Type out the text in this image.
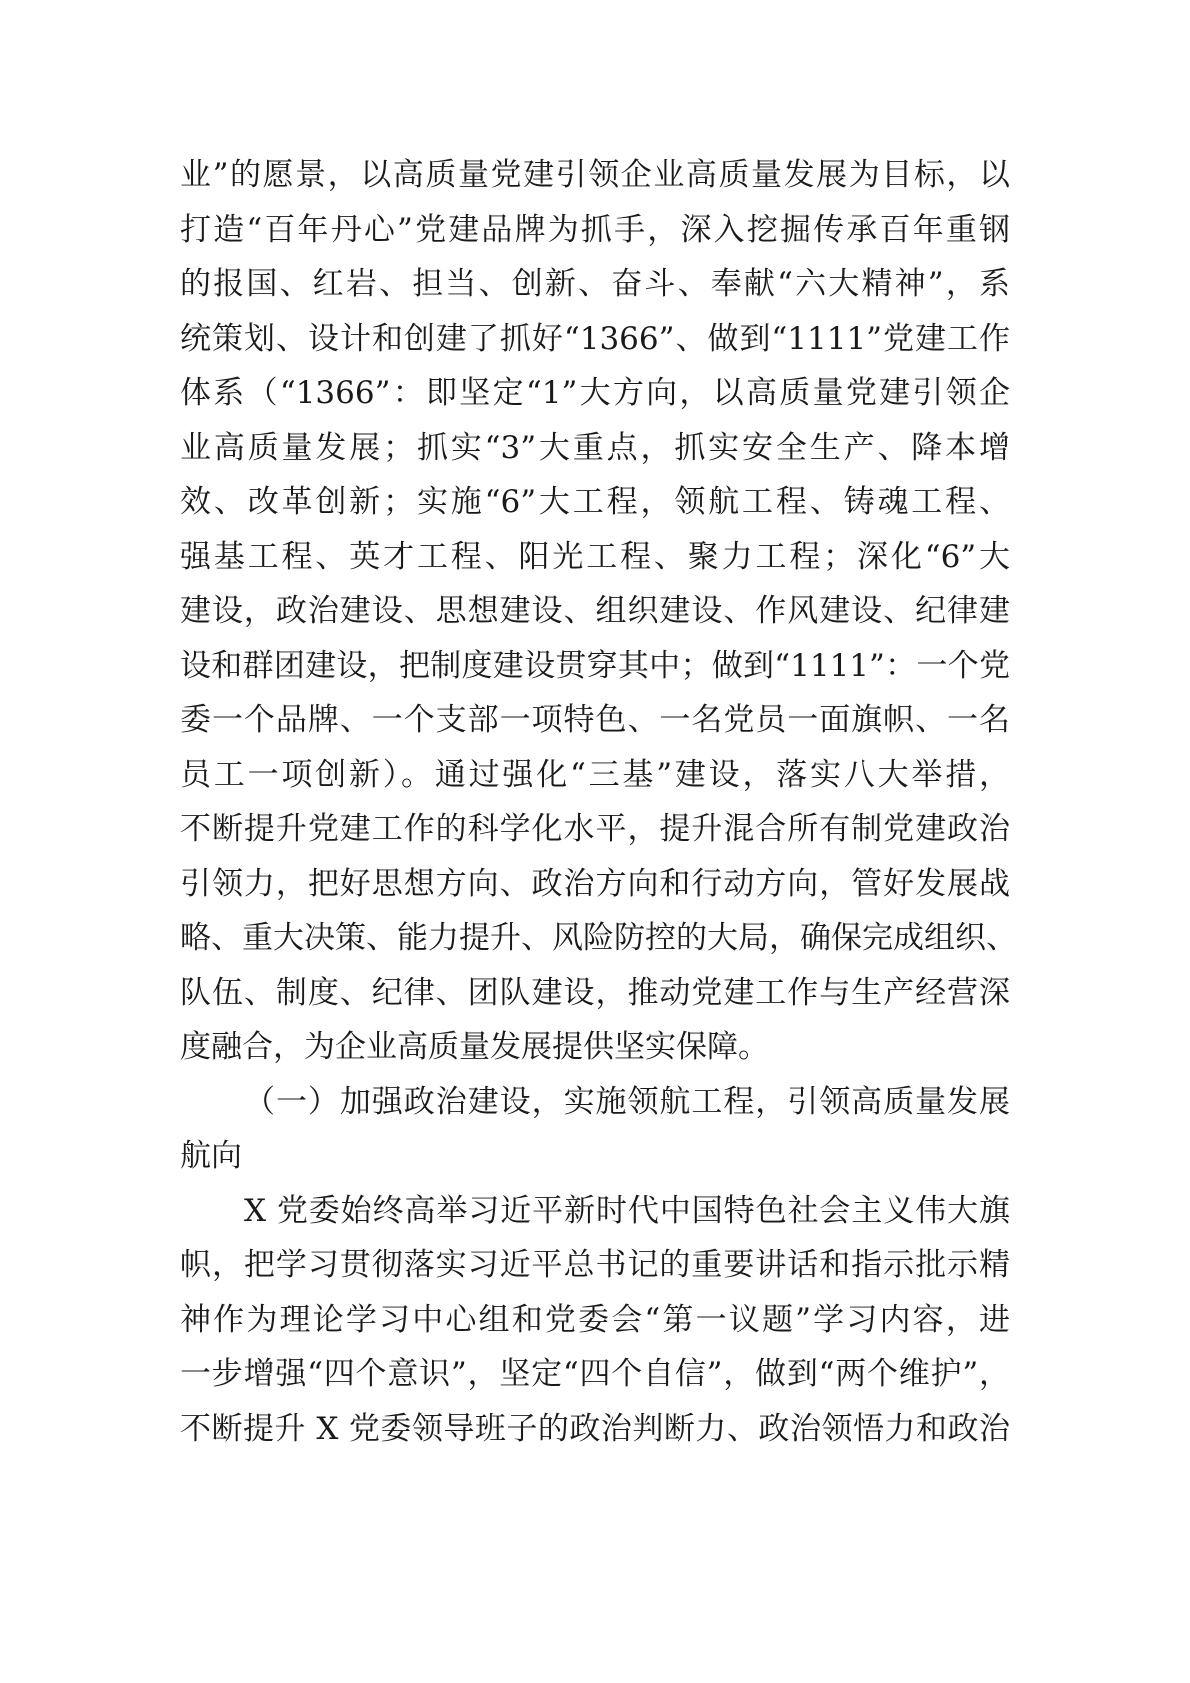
业”的愿景，以高质量党建引领企业高质量发展为目标，以
打造“百年丹心”党建品牌为抓手，深入挖掘传承百年重钢
的报国、红岩、担当、创新、奋斗、奉献“六大精神”，系
统策划、设计和创建了抓好“1366”、做到“1111”党建工作
体系（“1366”：即坚定“1”大方向，以高质量党建引领企
业高质量发展；抓实“3”大重点，抓实安全生产、降本增
效、改革创新；实施“6”大工程，领航工程、铸魂工程、
强基工程、英才工程、阳光工程、聚力工程；深化“6”大
建设，政治建设、思想建设、组织建设、作风建设、纪律建
设和群团建设，把制度建设贯穿其中；做到“1111”：一个党
委一个品牌、一个支部一项特色、一名党员一面旗帜、一名
员工一项创新）。通过强化“三基”建设，落实八大举措，
不断提升党建工作的科学化水平，提升混合所有制党建政治
引领力，把好思想方向、政治方向和行动方向，管好发展战
略、重大决策、能力提升、风险防控的大局，确保完成组织、
队伍、制度、纪律、团队建设，推动党建工作与生产经营深
度融合，为企业高质量发展提供坚实保障。
（一）加强政治建设，实施领航工程，引领高质量发展
航向
X 党委始终高举习近平新时代中国特色社会主义伟大旗
帜，把学习贯彻落实习近平总书记的重要讲话和指示批示精
神作为理论学习中心组和党委会“第一议题”学习内容，进
一步增强“四个意识”，坚定“四个自信”，做到“两个维护”，
不断提升 X 党委领导班子的政治判断力、政治领悟力和政治
